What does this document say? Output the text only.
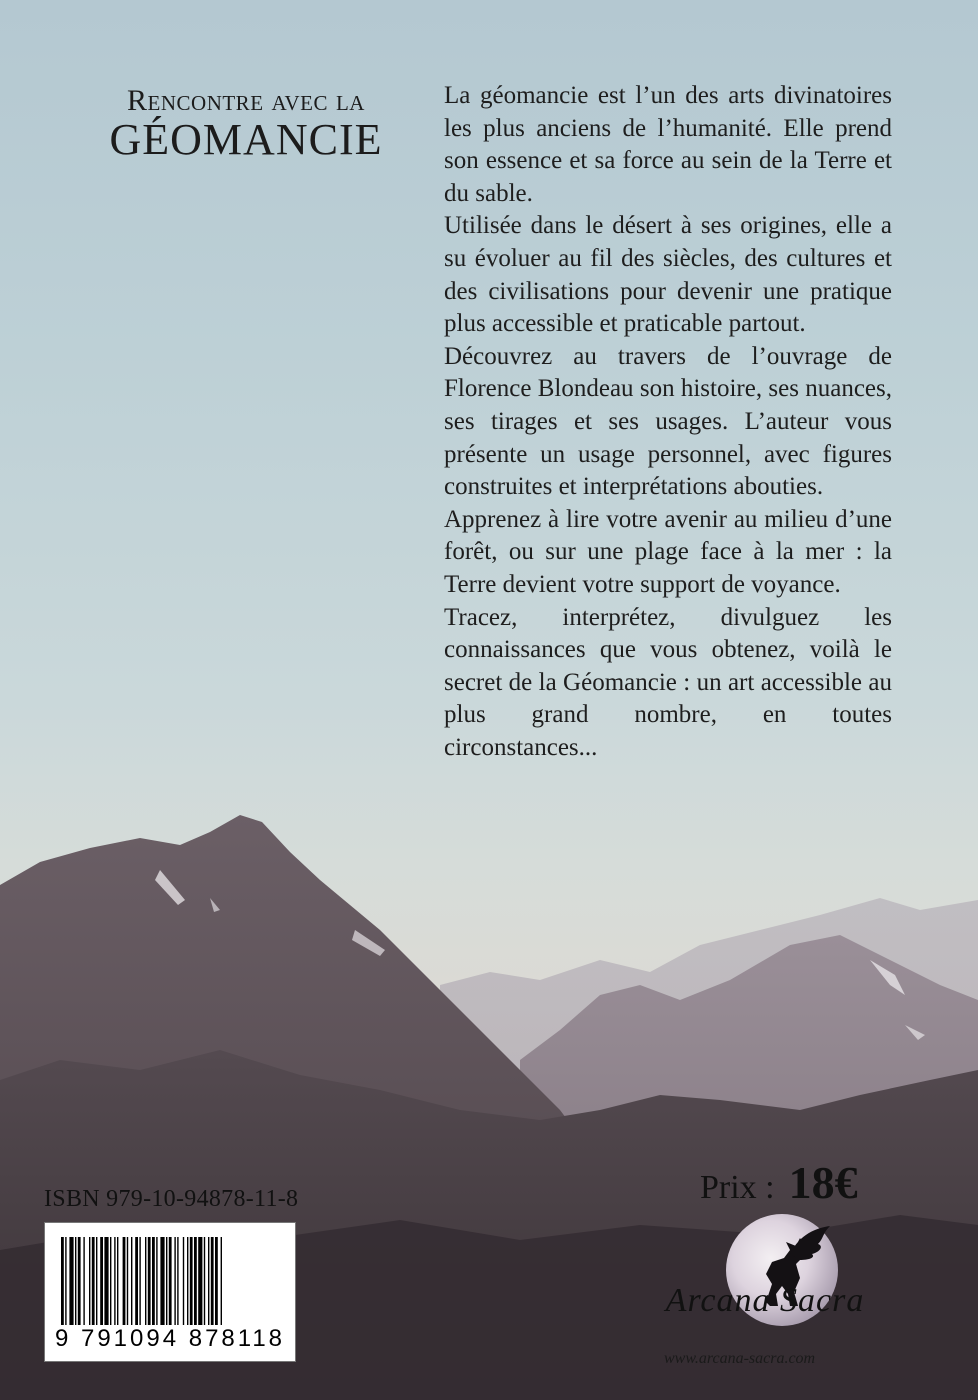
Rencontre avec la
GÉOMANCIE

La géomancie est l’un des arts divinatoires les plus anciens de l’humanité. Elle prend son essence et sa force au sein de la Terre et du sable.

Utilisée dans le désert à ses origines, elle a su évoluer au fil des siècles, des cultures et des civilisations pour devenir une pratique plus accessible et praticable partout.

Découvrez au travers de l’ouvrage de Florence Blondeau son histoire, ses nuances, ses tirages et ses usages. L’auteur vous présente un usage personnel, avec figures construites et interprétations abouties.

Apprenez à lire votre avenir au milieu d’une forêt, ou sur une plage face à la mer : la Terre devient votre support de voyance.

Tracez, interprétez, divulguez les connaissances que vous obtenez, voilà le secret de la Géomancie : un art accessible au plus grand nombre, en toutes circonstances...

ISBN 979-10-94878-11-8
9 791094 878118
Prix : 18€
Arcana Sacra
www.arcana-sacra.com
